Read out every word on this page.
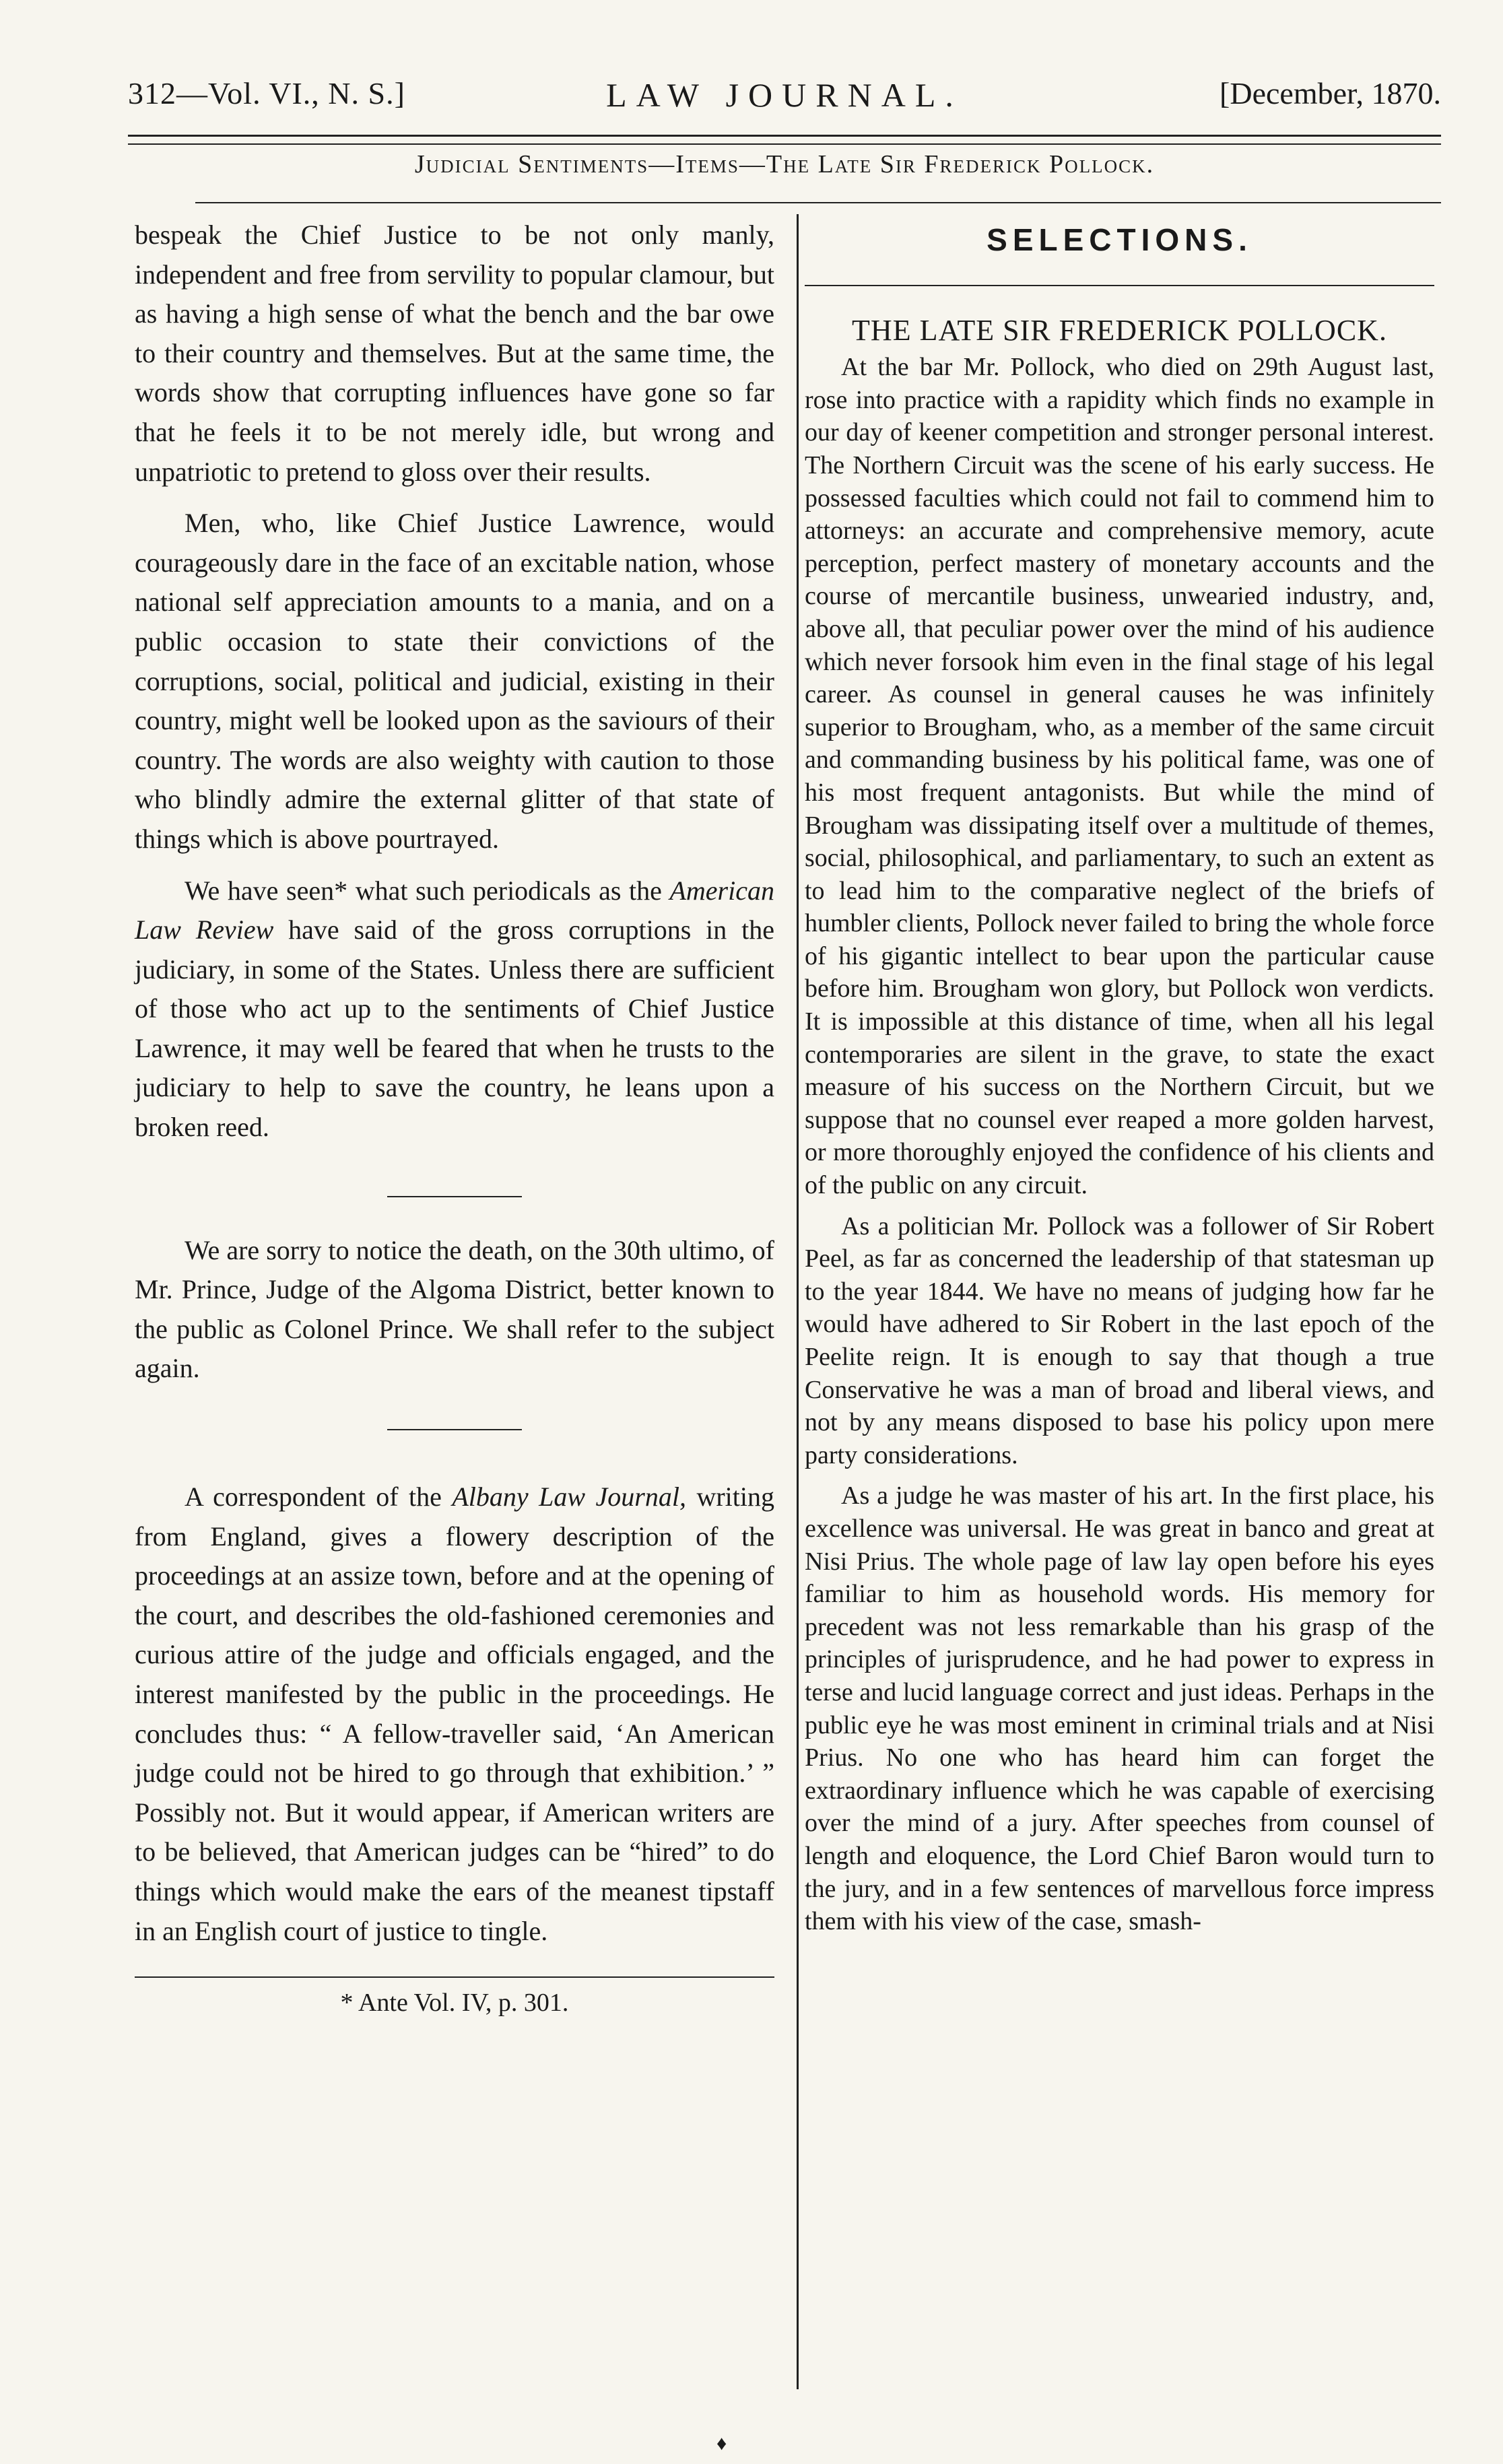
312—Vol. VI., N. S.]	LAW JOURNAL.	[December, 1870.
Judicial Sentiments—Items—The Late Sir Frederick Pollock.

bespeak the Chief Justice to be not only manly, independent and free from servility to popular clamour, but as having a high sense of what the bench and the bar owe to their country and themselves. But at the same time, the words show that corrupting influences have gone so far that he feels it to be not merely idle, but wrong and unpatriotic to pretend to gloss over their results.

Men, who, like Chief Justice Lawrence, would courageously dare in the face of an excitable nation, whose national self appreciation amounts to a mania, and on a public occasion to state their convictions of the corruptions, social, political and judicial, existing in their country, might well be looked upon as the saviours of their country. The words are also weighty with caution to those who blindly admire the external glitter of that state of things which is above pourtrayed.

We have seen* what such periodicals as the American Law Review have said of the gross corruptions in the judiciary, in some of the States. Unless there are sufficient of those who act up to the sentiments of Chief Justice Lawrence, it may well be feared that when he trusts to the judiciary to help to save the country, he leans upon a broken reed.

We are sorry to notice the death, on the 30th ultimo, of Mr. Prince, Judge of the Algoma District, better known to the public as Colonel Prince. We shall refer to the subject again.

A correspondent of the Albany Law Journal, writing from England, gives a flowery description of the proceedings at an assize town, before and at the opening of the court, and describes the old-fashioned ceremonies and curious attire of the judge and officials engaged, and the interest manifested by the public in the proceedings. He concludes thus: “ A fellow-traveller said, ‘An American judge could not be hired to go through that exhibition.’ ” Possibly not. But it would appear, if American writers are to be believed, that American judges can be “hired” to do things which would make the ears of the meanest tipstaff in an English court of justice to tingle.

* Ante Vol. IV, p. 301.
SELECTIONS.
THE LATE SIR FREDERICK POLLOCK.

At the bar Mr. Pollock, who died on 29th August last, rose into practice with a rapidity which finds no example in our day of keener competition and stronger personal interest. The Northern Circuit was the scene of his early success. He possessed faculties which could not fail to commend him to attorneys: an accurate and comprehensive memory, acute perception, perfect mastery of monetary accounts and the course of mercantile business, unwearied industry, and, above all, that peculiar power over the mind of his audience which never forsook him even in the final stage of his legal career. As counsel in general causes he was infinitely superior to Brougham, who, as a member of the same circuit and commanding business by his political fame, was one of his most frequent antagonists. But while the mind of Brougham was dissipating itself over a multitude of themes, social, philosophical, and parliamentary, to such an extent as to lead him to the comparative neglect of the briefs of humbler clients, Pollock never failed to bring the whole force of his gigantic intellect to bear upon the particular cause before him. Brougham won glory, but Pollock won verdicts. It is impossible at this distance of time, when all his legal contemporaries are silent in the grave, to state the exact measure of his success on the Northern Circuit, but we suppose that no counsel ever reaped a more golden harvest, or more thoroughly enjoyed the confidence of his clients and of the public on any circuit.

As a politician Mr. Pollock was a follower of Sir Robert Peel, as far as concerned the leadership of that statesman up to the year 1844. We have no means of judging how far he would have adhered to Sir Robert in the last epoch of the Peelite reign. It is enough to say that though a true Conservative he was a man of broad and liberal views, and not by any means disposed to base his policy upon mere party considerations.

As a judge he was master of his art. In the first place, his excellence was universal. He was great in banco and great at Nisi Prius. The whole page of law lay open before his eyes familiar to him as household words. His memory for precedent was not less remarkable than his grasp of the principles of jurisprudence, and he had power to express in terse and lucid language correct and just ideas. Perhaps in the public eye he was most eminent in criminal trials and at Nisi Prius. No one who has heard him can forget the extraordinary influence which he was capable of exercising over the mind of a jury. After speeches from counsel of length and eloquence, the Lord Chief Baron would turn to the jury, and in a few sentences of marvellous force impress them with his view of the case, smash-

♦
